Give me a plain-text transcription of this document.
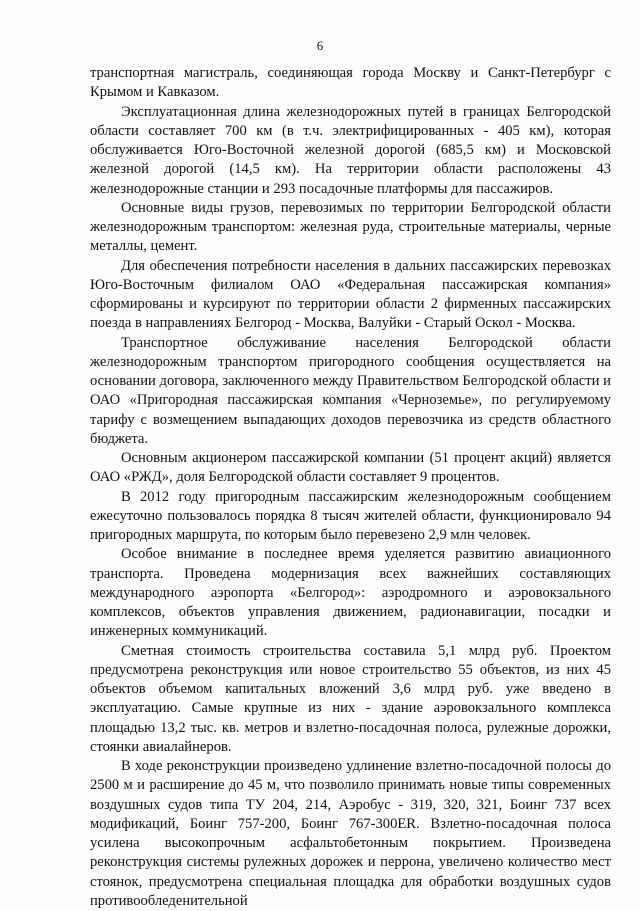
6

транспортная магистраль, соединяющая города Москву и Санкт-Петербург с Крымом и Кавказом.

Эксплуатационная длина железнодорожных путей в границах Белгородской области составляет 700 км (в т.ч. электрифицированных - 405 км), которая обслуживается Юго-Восточной железной дорогой (685,5 км) и Московской железной дорогой (14,5 км). На территории области расположены 43 железнодорожные станции и 293 посадочные платформы для пассажиров.

Основные виды грузов, перевозимых по территории Белгородской области железнодорожным транспортом: железная руда, строительные материалы, черные металлы, цемент.

Для обеспечения потребности населения в дальних пассажирских перевозках Юго-Восточным филиалом ОАО «Федеральная пассажирская компания» сформированы и курсируют по территории области 2 фирменных пассажирских поезда в направлениях Белгород - Москва, Валуйки - Старый Оскол - Москва.

Транспортное обслуживание населения Белгородской области железнодорожным транспортом пригородного сообщения осуществляется на основании договора, заключенного между Правительством Белгородской области и ОАО «Пригородная пассажирская компания «Черноземье», по регулируемому тарифу с возмещением выпадающих доходов перевозчика из средств областного бюджета.

Основным акционером пассажирской компании (51 процент акций) является ОАО «РЖД», доля Белгородской области составляет 9 процентов.

В 2012 году пригородным пассажирским железнодорожным сообщением ежесуточно пользовалось порядка 8 тысяч жителей области, функционировало 94 пригородных маршрута, по которым было перевезено 2,9 млн человек.

Особое внимание в последнее время уделяется развитию авиационного транспорта. Проведена модернизация всех важнейших составляющих международного аэропорта «Белгород»: аэродромного и аэровокзального комплексов, объектов управления движением, радионавигации, посадки и инженерных коммуникаций.

Сметная стоимость строительства составила 5,1 млрд руб. Проектом предусмотрена реконструкция или новое строительство 55 объектов, из них 45 объектов объемом капитальных вложений 3,6 млрд руб. уже введено в эксплуатацию. Самые крупные из них - здание аэровокзального комплекса площадью 13,2 тыс. кв. метров и взлетно-посадочная полоса, рулежные дорожки, стоянки авиалайнеров.

В ходе реконструкции произведено удлинение взлетно-посадочной полосы до 2500 м и расширение до 45 м, что позволило принимать новые типы современных воздушных судов типа ТУ 204, 214, Аэробус - 319, 320, 321, Боинг 737 всех модификаций, Боинг 757-200, Боинг 767-300ER. Взлетно-посадочная полоса усилена высокопрочным асфальтобетонным покрытием. Произведена реконструкция системы рулежных дорожек и перрона, увеличено количество мест стоянок, предусмотрена специальная площадка для обработки воздушных судов противообледенительной
